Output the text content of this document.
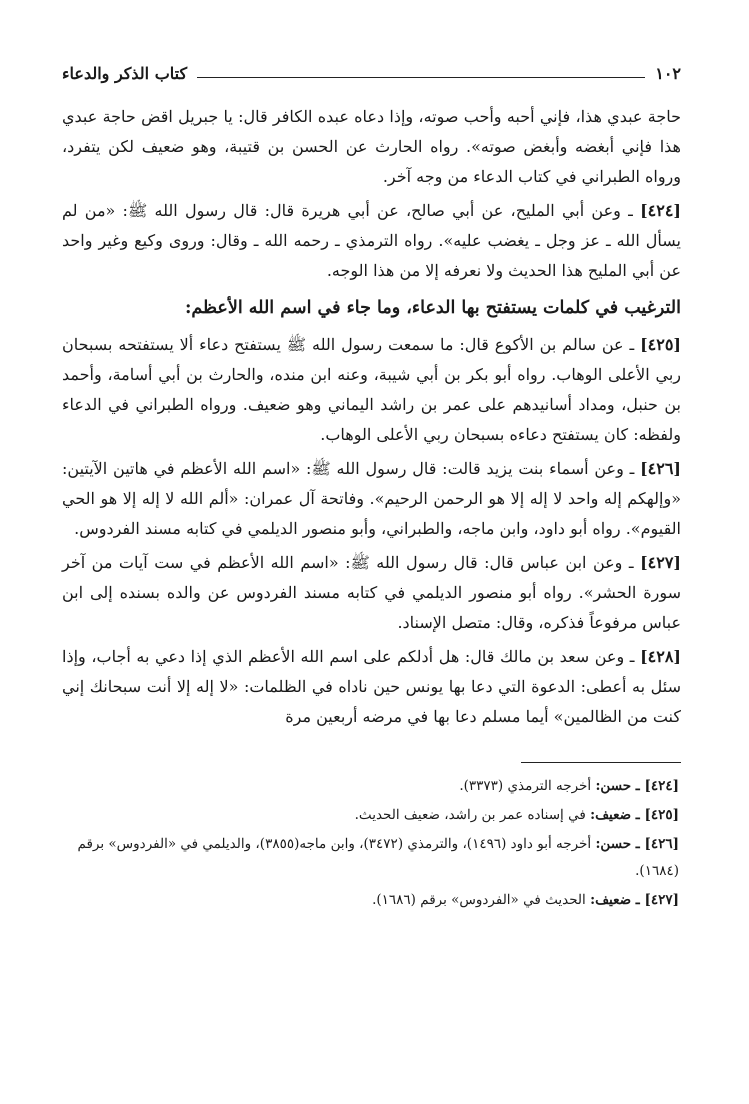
١٠٢
كتاب الذكر والدعاء

حاجة عبدي هذا، فإني أحبه وأحب صوته، وإذا دعاه عبده الكافر قال: يا جبريل اقض حاجة عبدي هذا فإني أبغضه وأبغض صوته». رواه الحارث عن الحسن بن قتيبة، وهو ضعيف لكن يتفرد، ورواه الطبراني في كتاب الدعاء من وجه آخر.

[٤٢٤] ـ وعن أبي المليح، عن أبي صالح، عن أبي هريرة قال: قال رسول الله ﷺ: «من لم يسأل الله ـ عز وجل ـ يغضب عليه». رواه الترمذي ـ رحمه الله ـ وقال: وروى وكيع وغير واحد عن أبي المليح هذا الحديث ولا نعرفه إلا من هذا الوجه.

الترغيب في كلمات يستفتح بها الدعاء، وما جاء في اسم الله الأعظم:

[٤٢٥] ـ عن سالم بن الأكوع قال: ما سمعت رسول الله ﷺ يستفتح دعاء ألا يستفتحه بسبحان ربي الأعلى الوهاب. رواه أبو بكر بن أبي شيبة، وعنه ابن منده، والحارث بن أبي أسامة، وأحمد بن حنبل، ومداد أسانيدهم على عمر بن راشد اليماني وهو ضعيف. ورواه الطبراني في الدعاء ولفظه: كان يستفتح دعاءه بسبحان ربي الأعلى الوهاب.

[٤٢٦] ـ وعن أسماء بنت يزيد قالت: قال رسول الله ﷺ: «اسم الله الأعظم في هاتين الآيتين: «وإلهكم إله واحد لا إله إلا هو الرحمن الرحيم». وفاتحة آل عمران: «ألم الله لا إله إلا هو الحي القيوم». رواه أبو داود، وابن ماجه، والطبراني، وأبو منصور الديلمي في كتابه مسند الفردوس.

[٤٢٧] ـ وعن ابن عباس قال: قال رسول الله ﷺ: «اسم الله الأعظم في ست آيات من آخر سورة الحشر». رواه أبو منصور الديلمي في كتابه مسند الفردوس عن والده بسنده إلى ابن عباس مرفوعاً فذكره، وقال: متصل الإسناد.

[٤٢٨] ـ وعن سعد بن مالك قال: هل أدلكم على اسم الله الأعظم الذي إذا دعي به أجاب، وإذا سئل به أعطى: الدعوة التي دعا بها يونس حين ناداه في الظلمات: «لا إله إلا أنت سبحانك إني كنت من الظالمين» أيما مسلم دعا بها في مرضه أربعين مرة

[٤٢٤] ـ حسن: أخرجه الترمذي (٣٣٧٣).

[٤٢٥] ـ ضعيف: في إسناده عمر بن راشد، ضعيف الحديث.

[٤٢٦] ـ حسن: أخرجه أبو داود (١٤٩٦)، والترمذي (٣٤٧٢)، وابن ماجه(٣٨٥٥)، والديلمي في «الفردوس» برقم (١٦٨٤).

[٤٢٧] ـ ضعيف: الحديث في «الفردوس» برقم (١٦٨٦).
